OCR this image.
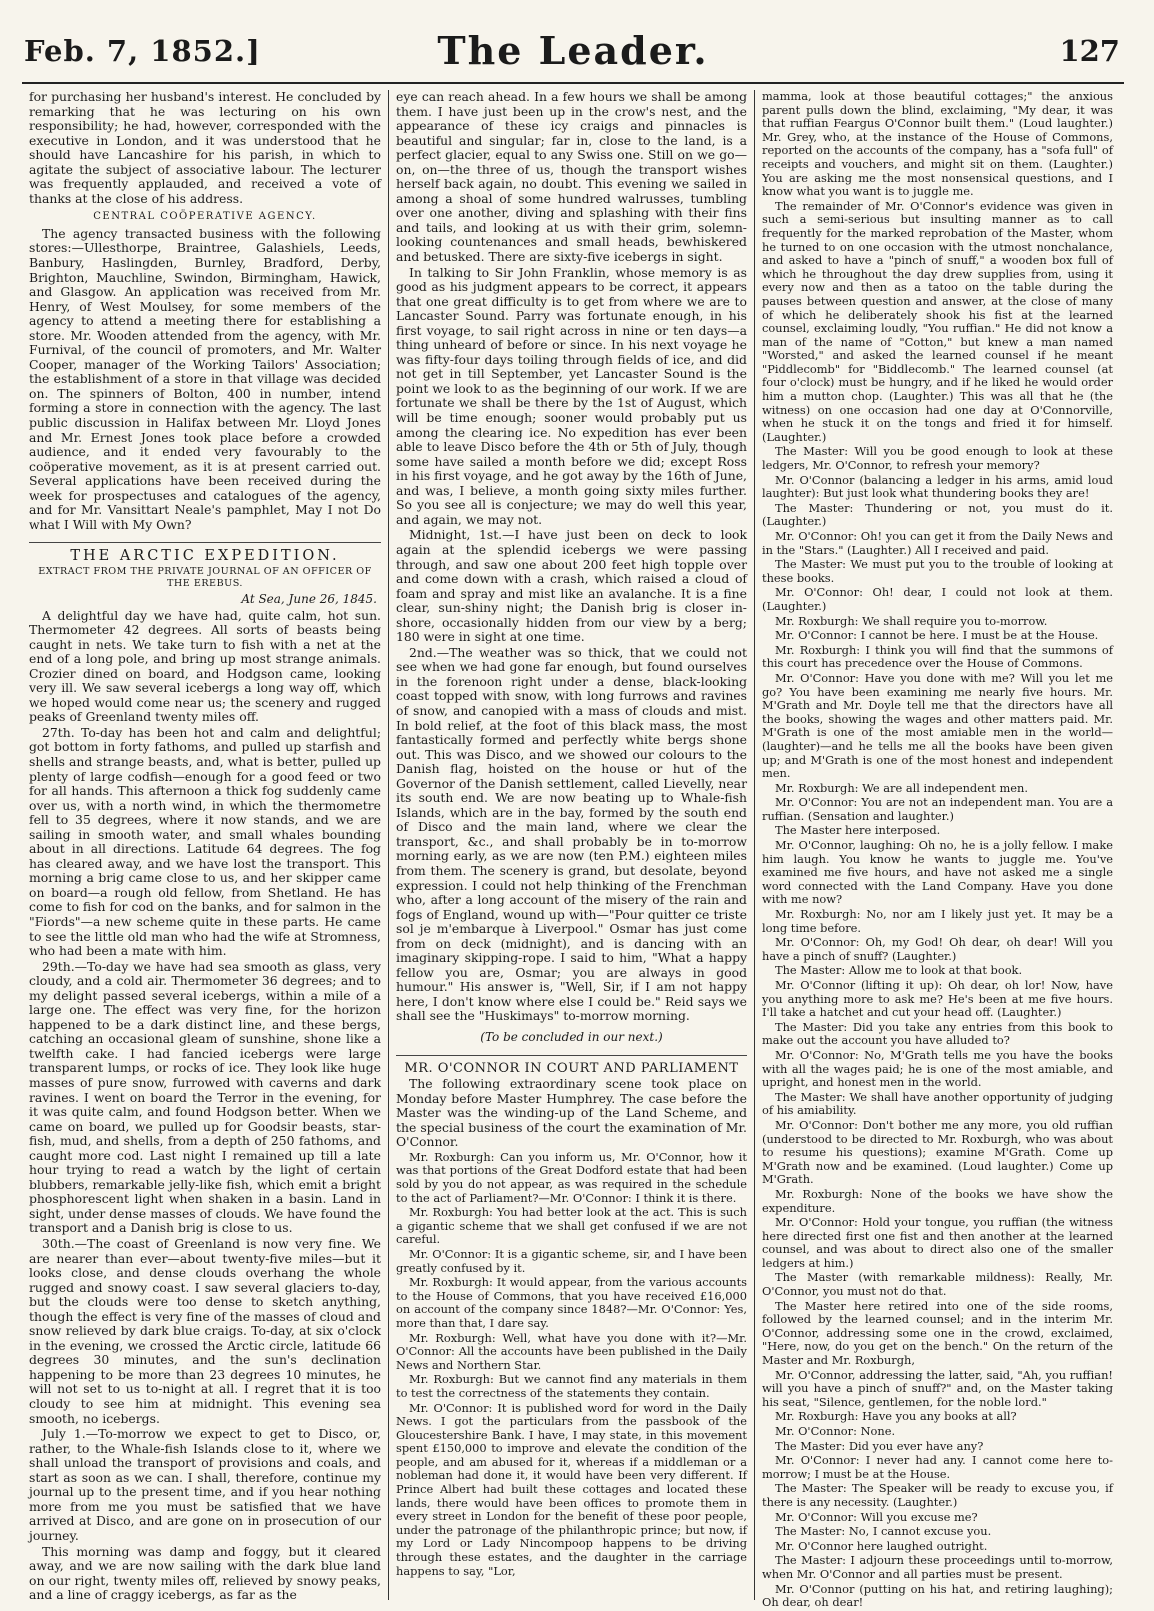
Feb. 7, 1852.]	The Leader.	127

for purchasing her husband's interest. He concluded by remarking that he was lecturing on his own responsibility; he had, however, corresponded with the executive in London, and it was understood that he should have Lancashire for his parish, in which to agitate the subject of associative labour. The lecturer was frequently applauded, and received a vote of thanks at the close of his address.

CENTRAL COÖPERATIVE AGENCY.

The agency transacted business with the following stores:—Ullesthorpe, Braintree, Galashiels, Leeds, Banbury, Haslingden, Burnley, Bradford, Derby, Brighton, Mauchline, Swindon, Birmingham, Hawick, and Glasgow. An application was received from Mr. Henry, of West Moulsey, for some members of the agency to attend a meeting there for establishing a store. Mr. Wooden attended from the agency, with Mr. Furnival, of the council of promoters, and Mr. Walter Cooper, manager of the Working Tailors' Association; the establishment of a store in that village was decided on. The spinners of Bolton, 400 in number, intend forming a store in connection with the agency. The last public discussion in Halifax between Mr. Lloyd Jones and Mr. Ernest Jones took place before a crowded audience, and it ended very favourably to the coöperative movement, as it is at present carried out. Several applications have been received during the week for prospectuses and catalogues of the agency, and for Mr. Vansittart Neale's pamphlet, May I not Do what I Will with My Own?

THE ARCTIC EXPEDITION.
EXTRACT FROM THE PRIVATE JOURNAL OF AN OFFICER OF THE EREBUS.
At Sea, June 26, 1845.

A delightful day we have had, quite calm, hot sun. Thermometer 42 degrees. All sorts of beasts being caught in nets. We take turn to fish with a net at the end of a long pole, and bring up most strange animals. Crozier dined on board, and Hodgson came, looking very ill. We saw several icebergs a long way off, which we hoped would come near us; the scenery and rugged peaks of Greenland twenty miles off.

27th. To-day has been hot and calm and delightful; got bottom in forty fathoms, and pulled up starfish and shells and strange beasts, and, what is better, pulled up plenty of large codfish—enough for a good feed or two for all hands. This afternoon a thick fog suddenly came over us, with a north wind, in which the thermometre fell to 35 degrees, where it now stands, and we are sailing in smooth water, and small whales bounding about in all directions. Latitude 64 degrees. The fog has cleared away, and we have lost the transport. This morning a brig came close to us, and her skipper came on board—a rough old fellow, from Shetland. He has come to fish for cod on the banks, and for salmon in the "Fiords"—a new scheme quite in these parts. He came to see the little old man who had the wife at Stromness, who had been a mate with him.

29th.—To-day we have had sea smooth as glass, very cloudy, and a cold air. Thermometer 36 degrees; and to my delight passed several icebergs, within a mile of a large one. The effect was very fine, for the horizon happened to be a dark distinct line, and these bergs, catching an occasional gleam of sunshine, shone like a twelfth cake. I had fancied icebergs were large transparent lumps, or rocks of ice. They look like huge masses of pure snow, furrowed with caverns and dark ravines. I went on board the Terror in the evening, for it was quite calm, and found Hodgson better. When we came on board, we pulled up for Goodsir beasts, star-fish, mud, and shells, from a depth of 250 fathoms, and caught more cod. Last night I remained up till a late hour trying to read a watch by the light of certain blubbers, remarkable jelly-like fish, which emit a bright phosphorescent light when shaken in a basin. Land in sight, under dense masses of clouds. We have found the transport and a Danish brig is close to us.

30th.—The coast of Greenland is now very fine. We are nearer than ever—about twenty-five miles—but it looks close, and dense clouds overhang the whole rugged and snowy coast. I saw several glaciers to-day, but the clouds were too dense to sketch anything, though the effect is very fine of the masses of cloud and snow relieved by dark blue craigs. To-day, at six o'clock in the evening, we crossed the Arctic circle, latitude 66 degrees 30 minutes, and the sun's declination happening to be more than 23 degrees 10 minutes, he will not set to us to-night at all. I regret that it is too cloudy to see him at midnight. This evening sea smooth, no icebergs.

July 1.—To-morrow we expect to get to Disco, or, rather, to the Whale-fish Islands close to it, where we shall unload the transport of provisions and coals, and start as soon as we can. I shall, therefore, continue my journal up to the present time, and if you hear nothing more from me you must be satisfied that we have arrived at Disco, and are gone on in prosecution of our journey.

This morning was damp and foggy, but it cleared away, and we are now sailing with the dark blue land on our right, twenty miles off, relieved by snowy peaks, and a line of craggy icebergs, as far as the

eye can reach ahead. In a few hours we shall be among them. I have just been up in the crow's nest, and the appearance of these icy craigs and pinnacles is beautiful and singular; far in, close to the land, is a perfect glacier, equal to any Swiss one. Still on we go—on, on—the three of us, though the transport wishes herself back again, no doubt. This evening we sailed in among a shoal of some hundred walrusses, tumbling over one another, diving and splashing with their fins and tails, and looking at us with their grim, solemn-looking countenances and small heads, bewhiskered and betusked. There are sixty-five icebergs in sight.

In talking to Sir John Franklin, whose memory is as good as his judgment appears to be correct, it appears that one great difficulty is to get from where we are to Lancaster Sound. Parry was fortunate enough, in his first voyage, to sail right across in nine or ten days—a thing unheard of before or since. In his next voyage he was fifty-four days toiling through fields of ice, and did not get in till September, yet Lancaster Sound is the point we look to as the beginning of our work. If we are fortunate we shall be there by the 1st of August, which will be time enough; sooner would probably put us among the clearing ice. No expedition has ever been able to leave Disco before the 4th or 5th of July, though some have sailed a month before we did; except Ross in his first voyage, and he got away by the 16th of June, and was, I believe, a month going sixty miles further. So you see all is conjecture; we may do well this year, and again, we may not.

Midnight, 1st.—I have just been on deck to look again at the splendid icebergs we were passing through, and saw one about 200 feet high topple over and come down with a crash, which raised a cloud of foam and spray and mist like an avalanche. It is a fine clear, sun-shiny night; the Danish brig is closer in-shore, occasionally hidden from our view by a berg; 180 were in sight at one time.

2nd.—The weather was so thick, that we could not see when we had gone far enough, but found ourselves in the forenoon right under a dense, black-looking coast topped with snow, with long furrows and ravines of snow, and canopied with a mass of clouds and mist. In bold relief, at the foot of this black mass, the most fantastically formed and perfectly white bergs shone out. This was Disco, and we showed our colours to the Danish flag, hoisted on the house or hut of the Governor of the Danish settlement, called Lievelly, near its south end. We are now beating up to Whale-fish Islands, which are in the bay, formed by the south end of Disco and the main land, where we clear the transport, &c., and shall probably be in to-morrow morning early, as we are now (ten P.M.) eighteen miles from them. The scenery is grand, but desolate, beyond expression. I could not help thinking of the Frenchman who, after a long account of the misery of the rain and fogs of England, wound up with—"Pour quitter ce triste sol je m'embarque à Liverpool." Osmar has just come from on deck (midnight), and is dancing with an imaginary skipping-rope. I said to him, "What a happy fellow you are, Osmar; you are always in good humour." His answer is, "Well, Sir, if I am not happy here, I don't know where else I could be." Reid says we shall see the "Huskimays" to-morrow morning.

(To be concluded in our next.)
MR. O'CONNOR IN COURT AND PARLIAMENT

The following extraordinary scene took place on Monday before Master Humphrey. The case before the Master was the winding-up of the Land Scheme, and the special business of the court the examination of Mr. O'Connor.

Mr. Roxburgh: Can you inform us, Mr. O'Connor, how it was that portions of the Great Dodford estate that had been sold by you do not appear, as was required in the schedule to the act of Parliament?—Mr. O'Connor: I think it is there.

Mr. Roxburgh: You had better look at the act. This is such a gigantic scheme that we shall get confused if we are not careful.

Mr. O'Connor: It is a gigantic scheme, sir, and I have been greatly confused by it.

Mr. Roxburgh: It would appear, from the various accounts to the House of Commons, that you have received £16,000 on account of the company since 1848?—Mr. O'Connor: Yes, more than that, I dare say.

Mr. Roxburgh: Well, what have you done with it?—Mr. O'Connor: All the accounts have been published in the Daily News and Northern Star.

Mr. Roxburgh: But we cannot find any materials in them to test the correctness of the statements they contain.

Mr. O'Connor: It is published word for word in the Daily News. I got the particulars from the passbook of the Gloucestershire Bank. I have, I may state, in this movement spent £150,000 to improve and elevate the condition of the people, and am abused for it, whereas if a middleman or a nobleman had done it, it would have been very different. If Prince Albert had built these cottages and located these lands, there would have been offices to promote them in every street in London for the benefit of these poor people, under the patronage of the philanthropic prince; but now, if my Lord or Lady Nincompoop happens to be driving through these estates, and the daughter in the carriage happens to say, "Lor,

mamma, look at those beautiful cottages;" the anxious parent pulls down the blind, exclaiming, "My dear, it was that ruffian Feargus O'Connor built them." (Loud laughter.) Mr. Grey, who, at the instance of the House of Commons, reported on the accounts of the company, has a "sofa full" of receipts and vouchers, and might sit on them. (Laughter.) You are asking me the most nonsensical questions, and I know what you want is to juggle me.

The remainder of Mr. O'Connor's evidence was given in such a semi-serious but insulting manner as to call frequently for the marked reprobation of the Master, whom he turned to on one occasion with the utmost nonchalance, and asked to have a "pinch of snuff," a wooden box full of which he throughout the day drew supplies from, using it every now and then as a tatoo on the table during the pauses between question and answer, at the close of many of which he deliberately shook his fist at the learned counsel, exclaiming loudly, "You ruffian." He did not know a man of the name of "Cotton," but knew a man named "Worsted," and asked the learned counsel if he meant "Piddlecomb" for "Biddlecomb." The learned counsel (at four o'clock) must be hungry, and if he liked he would order him a mutton chop. (Laughter.) This was all that he (the witness) on one occasion had one day at O'Connorville, when he stuck it on the tongs and fried it for himself. (Laughter.)

The Master: Will you be good enough to look at these ledgers, Mr. O'Connor, to refresh your memory?

Mr. O'Connor (balancing a ledger in his arms, amid loud laughter): But just look what thundering books they are!

The Master: Thundering or not, you must do it. (Laughter.)

Mr. O'Connor: Oh! you can get it from the Daily News and in the "Stars." (Laughter.) All I received and paid.

The Master: We must put you to the trouble of looking at these books.

Mr. O'Connor: Oh! dear, I could not look at them. (Laughter.)

Mr. Roxburgh: We shall require you to-morrow.

Mr. O'Connor: I cannot be here. I must be at the House.

Mr. Roxburgh: I think you will find that the summons of this court has precedence over the House of Commons.

Mr. O'Connor: Have you done with me? Will you let me go? You have been examining me nearly five hours. Mr. M'Grath and Mr. Doyle tell me that the directors have all the books, showing the wages and other matters paid. Mr. M'Grath is one of the most amiable men in the world—(laughter)—and he tells me all the books have been given up; and M'Grath is one of the most honest and independent men.

Mr. Roxburgh: We are all independent men.

Mr. O'Connor: You are not an independent man. You are a ruffian. (Sensation and laughter.)

The Master here interposed.

Mr. O'Connor, laughing: Oh no, he is a jolly fellow. I make him laugh. You know he wants to juggle me. You've examined me five hours, and have not asked me a single word connected with the Land Company. Have you done with me now?

Mr. Roxburgh: No, nor am I likely just yet. It may be a long time before.

Mr. O'Connor: Oh, my God! Oh dear, oh dear! Will you have a pinch of snuff? (Laughter.)

The Master: Allow me to look at that book.

Mr. O'Connor (lifting it up): Oh dear, oh lor! Now, have you anything more to ask me? He's been at me five hours. I'll take a hatchet and cut your head off. (Laughter.)

The Master: Did you take any entries from this book to make out the account you have alluded to?

Mr. O'Connor: No, M'Grath tells me you have the books with all the wages paid; he is one of the most amiable, and upright, and honest men in the world.

The Master: We shall have another opportunity of judging of his amiability.

Mr. O'Connor: Don't bother me any more, you old ruffian (understood to be directed to Mr. Roxburgh, who was about to resume his questions); examine M'Grath. Come up M'Grath now and be examined. (Loud laughter.) Come up M'Grath.

Mr. Roxburgh: None of the books we have show the expenditure.

Mr. O'Connor: Hold your tongue, you ruffian (the witness here directed first one fist and then another at the learned counsel, and was about to direct also one of the smaller ledgers at him.)

The Master (with remarkable mildness): Really, Mr. O'Connor, you must not do that.

The Master here retired into one of the side rooms, followed by the learned counsel; and in the interim Mr. O'Connor, addressing some one in the crowd, exclaimed, "Here, now, do you get on the bench." On the return of the Master and Mr. Roxburgh,

Mr. O'Connor, addressing the latter, said, "Ah, you ruffian! will you have a pinch of snuff?" and, on the Master taking his seat, "Silence, gentlemen, for the noble lord."

Mr. Roxburgh: Have you any books at all?

Mr. O'Connor: None.

The Master: Did you ever have any?

Mr. O'Connor: I never had any. I cannot come here to-morrow; I must be at the House.

The Master: The Speaker will be ready to excuse you, if there is any necessity. (Laughter.)

Mr. O'Connor: Will you excuse me?

The Master: No, I cannot excuse you.

Mr. O'Connor here laughed outright.

The Master: I adjourn these proceedings until to-morrow, when Mr. O'Connor and all parties must be present.

Mr. O'Connor (putting on his hat, and retiring laughing); Oh dear, oh dear!
